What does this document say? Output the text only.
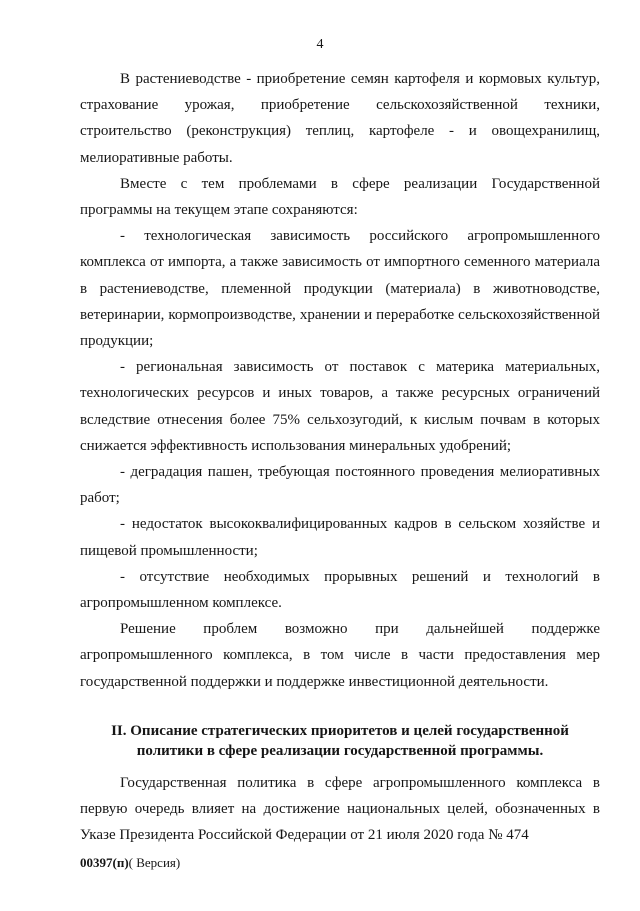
4

В растениеводстве - приобретение семян картофеля и кормовых культур, страхование урожая, приобретение сельскохозяйственной техники, строительство (реконструкция) теплиц, картофеле - и овощехранилищ, мелиоративные работы.

Вместе с тем проблемами в сфере реализации Государственной программы на текущем этапе сохраняются:

- технологическая зависимость российского агропромышленного комплекса от импорта, а также зависимость от импортного семенного материала в растениеводстве, племенной продукции (материала) в животноводстве, ветеринарии, кормопроизводстве, хранении и переработке сельскохозяйственной продукции;

- региональная зависимость от поставок с материка материальных, технологических ресурсов и иных товаров, а также ресурсных ограничений вследствие отнесения более 75% сельхозугодий, к кислым почвам в которых снижается эффективность использования минеральных удобрений;

- деградация пашен, требующая постоянного проведения мелиоративных работ;

- недостаток высококвалифицированных кадров в сельском хозяйстве и пищевой промышленности;

- отсутствие необходимых прорывных решений и технологий в агропромышленном комплексе.

Решение проблем возможно при дальнейшей поддержке агропромышленного комплекса, в том числе в части предоставления мер государственной поддержки и поддержке инвестиционной деятельности.

II. Описание стратегических приоритетов и целей государственной
политики в сфере реализации государственной программы.

Государственная политика в сфере агропромышленного комплекса в первую очередь влияет на достижение национальных целей, обозначенных в Указе Президента Российской Федерации от 21 июля 2020 года № 474

00397(п)( Версия)
